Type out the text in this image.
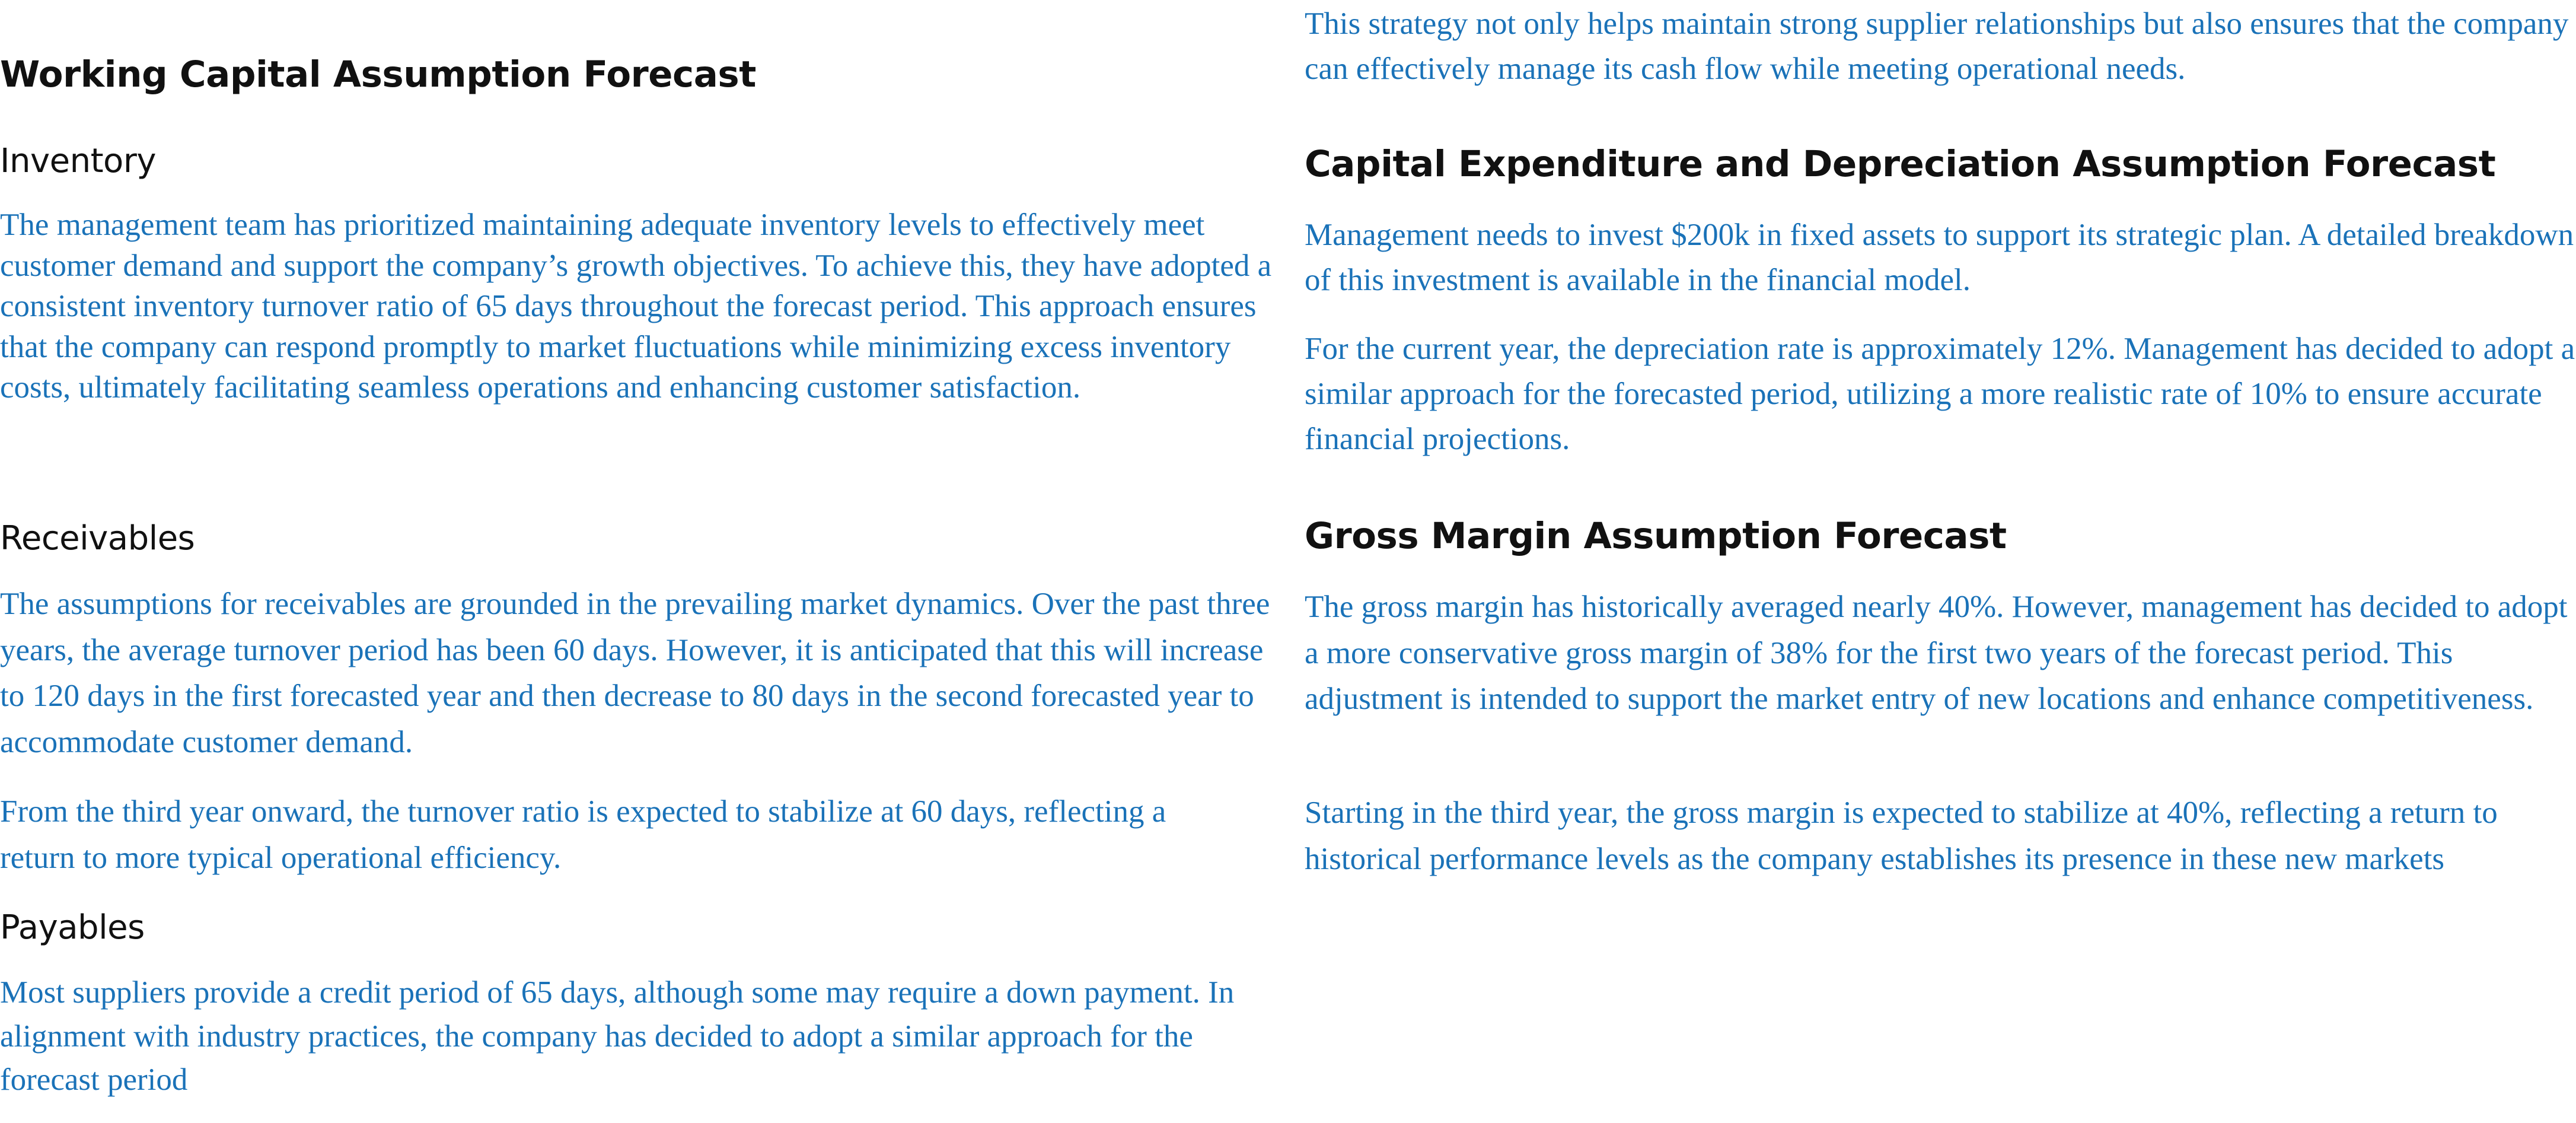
Working Capital Assumption Forecast
Inventory

The management team has prioritized maintaining adequate inventory levels to effectively meet customer demand and support the company’s growth objectives. To achieve this, they have adopted a consistent inventory turnover ratio of 65 days throughout the forecast period. This approach ensures that the company can respond promptly to market fluctuations while minimizing excess inventory costs, ultimately facilitating seamless operations and enhancing customer satisfaction.

Receivables

The assumptions for receivables are grounded in the prevailing market dynamics. Over the past three years, the average turnover period has been 60 days. However, it is anticipated that this will increase to 120 days in the first forecasted year and then decrease to 80 days in the second forecasted year to accommodate customer demand.

From the third year onward, the turnover ratio is expected to stabilize at 60 days, reflecting a return to more typical operational efficiency.

Payables

Most suppliers provide a credit period of 65 days, although some may require a down payment. In alignment with industry practices, the company has decided to adopt a similar approach for the forecast period

This strategy not only helps maintain strong supplier relationships but also ensures that the company can effectively manage its cash flow while meeting operational needs.

Capital Expenditure and Depreciation Assumption Forecast

Management needs to invest $200k in fixed assets to support its strategic plan. A detailed breakdown of this investment is available in the financial model.

For the current year, the depreciation rate is approximately 12%. Management has decided to adopt a similar approach for the forecasted period, utilizing a more realistic rate of 10% to ensure accurate financial projections.

Gross Margin Assumption Forecast

The gross margin has historically averaged nearly 40%. However, management has decided to adopt a more conservative gross margin of 38% for the first two years of the forecast period. This adjustment is intended to support the market entry of new locations and enhance competitiveness.

Starting in the third year, the gross margin is expected to stabilize at 40%, reflecting a return to historical performance levels as the company establishes its presence in these new markets
